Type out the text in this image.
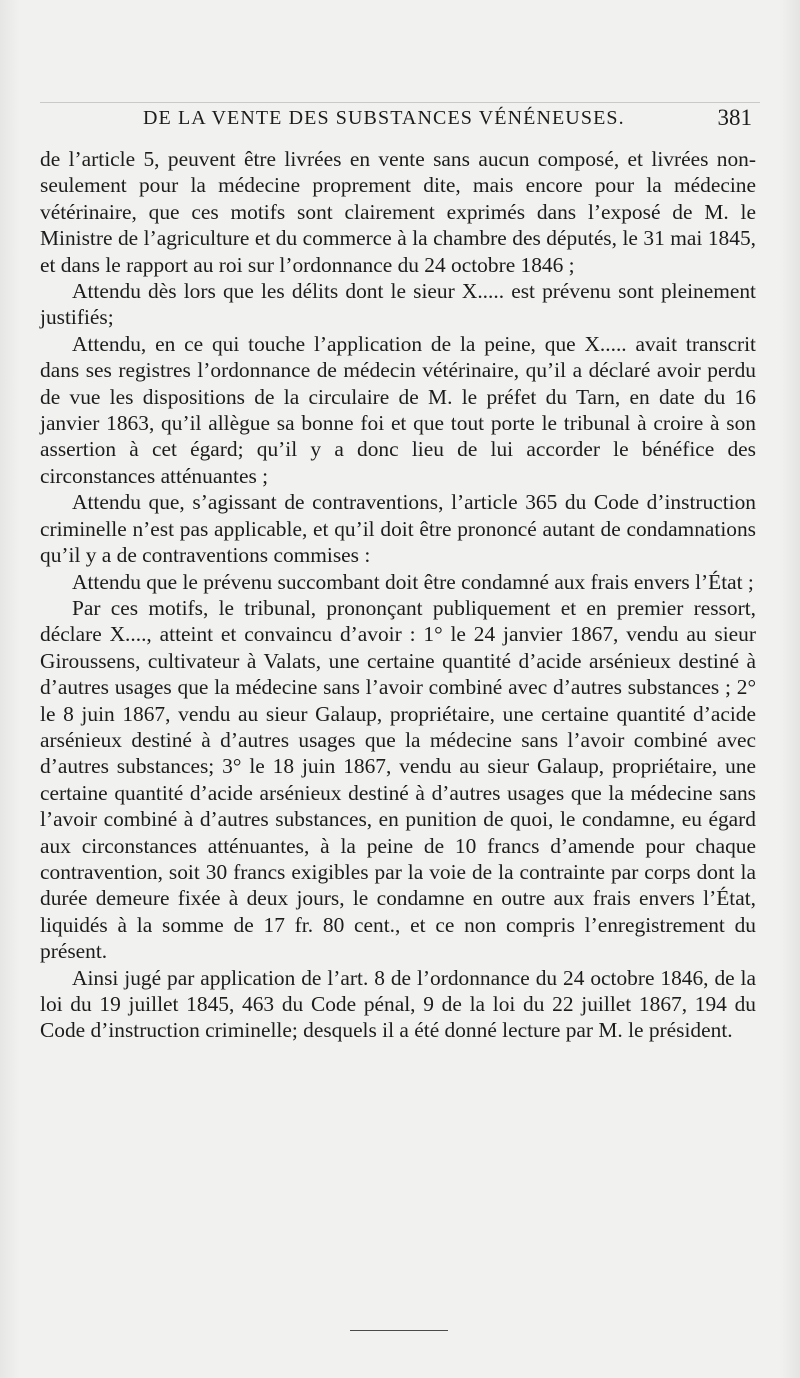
DE LA VENTE DES SUBSTANCES VÉNÉNEUSES.	381

de l’article 5, peuvent être livrées en vente sans aucun composé, et livrées non-seulement pour la médecine proprement dite, mais encore pour la médecine vétérinaire, que ces motifs sont clairement exprimés dans l’exposé de M. le Ministre de l’agriculture et du commerce à la chambre des députés, le 31 mai 1845, et dans le rapport au roi sur l’ordonnance du 24 octobre 1846 ;

Attendu dès lors que les délits dont le sieur X..... est prévenu sont pleinement justifiés;

Attendu, en ce qui touche l’application de la peine, que X..... avait transcrit dans ses registres l’ordonnance de médecin vétérinaire, qu’il a déclaré avoir perdu de vue les dispositions de la circulaire de M. le préfet du Tarn, en date du 16 janvier 1863, qu’il allègue sa bonne foi et que tout porte le tribunal à croire à son assertion à cet égard; qu’il y a donc lieu de lui accorder le bénéfice des circonstances atténuantes ;

Attendu que, s’agissant de contraventions, l’article 365 du Code d’instruction criminelle n’est pas applicable, et qu’il doit être prononcé autant de condamnations qu’il y a de contraventions commises :

Attendu que le prévenu succombant doit être condamné aux frais envers l’État ;

Par ces motifs, le tribunal, prononçant publiquement et en premier ressort, déclare X...., atteint et convaincu d’avoir : 1° le 24 janvier 1867, vendu au sieur Giroussens, cultivateur à Valats, une certaine quantité d’acide arsénieux destiné à d’autres usages que la médecine sans l’avoir combiné avec d’autres substances ; 2° le 8 juin 1867, vendu au sieur Galaup, propriétaire, une certaine quantité d’acide arsénieux destiné à d’autres usages que la médecine sans l’avoir combiné avec d’autres substances; 3° le 18 juin 1867, vendu au sieur Galaup, propriétaire, une certaine quantité d’acide arsénieux destiné à d’autres usages que la médecine sans l’avoir combiné à d’autres substances, en punition de quoi, le condamne, eu égard aux circonstances atténuantes, à la peine de 10 francs d’amende pour chaque contravention, soit 30 francs exigibles par la voie de la contrainte par corps dont la durée demeure fixée à deux jours, le condamne en outre aux frais envers l’État, liquidés à la somme de 17 fr. 80 cent., et ce non compris l’enregistrement du présent.

Ainsi jugé par application de l’art. 8 de l’ordonnance du 24 octobre 1846, de la loi du 19 juillet 1845, 463 du Code pénal, 9 de la loi du 22 juillet 1867, 194 du Code d’instruction criminelle; desquels il a été donné lecture par M. le président.
